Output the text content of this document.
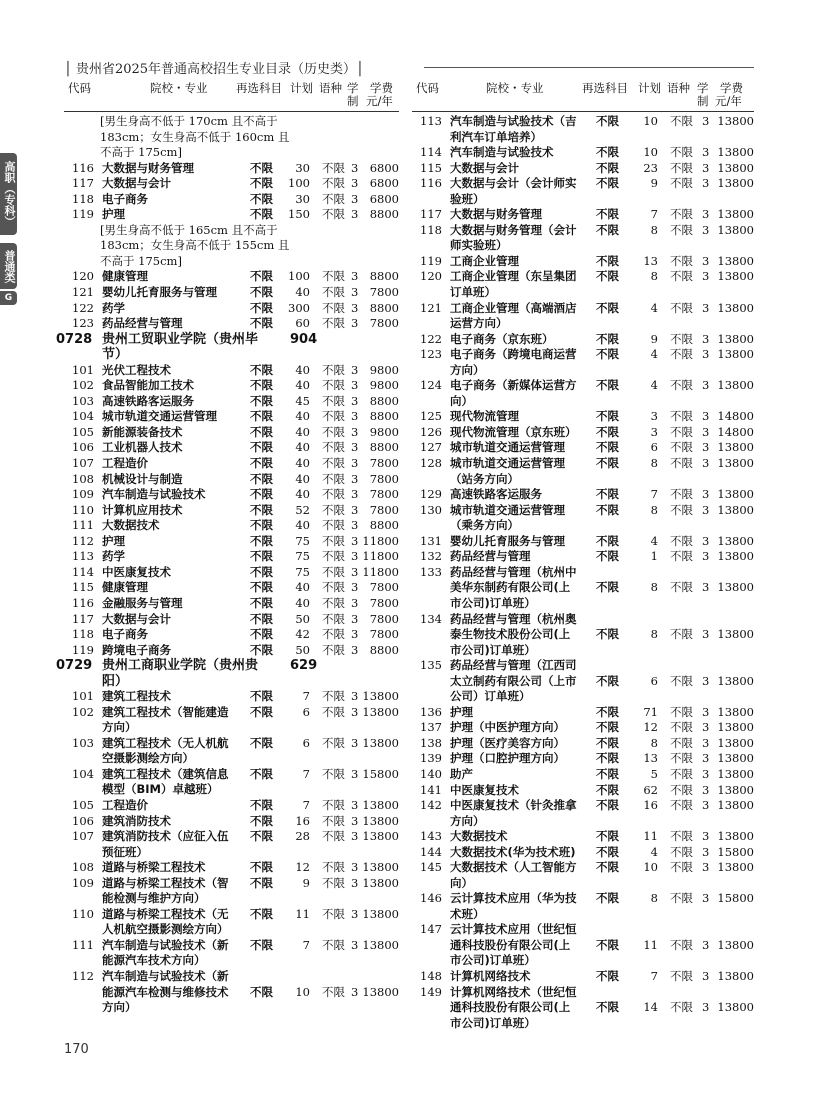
│ 贵州省2025年普通高校招生专业目录（历史类）│
代码	院校・专业 再选科目 计划 语种 学
制
学费
元/年
代码	院校・专业	再选科目 计划 语种 学
制
学费
元/年
高职（专科）
普通类
G
[男生身高不低于 170cm 且不高于
183cm；女生身高不低于 160cm 且
不高于 175cm]
116 大数据与财务管理	不限 30 不限 3 6800
117 大数据与会计	不限 100 不限 3 6800
118 电子商务	不限 30 不限 3 6800
119 护理	不限 150 不限 3 8800
[男生身高不低于 165cm 且不高于
183cm；女生身高不低于 155cm 且
不高于 175cm]
120 健康管理	不限 100 不限 3 8800
121 婴幼儿托育服务与管理	不限 40 不限 3 7800
122 药学	不限 300 不限 3 8800
123 药品经营与管理	不限 60 不限 3 7800
0728 贵州工贸职业学院（贵州毕
节）
904
101 光伏工程技术	不限 40 不限 3 9800
102 食品智能加工技术	不限 40 不限 3 9800
103 高速铁路客运服务	不限 45 不限 3 8800
104 城市轨道交通运营管理	不限 40 不限 3 8800
105 新能源装备技术	不限 40 不限 3 9800
106 工业机器人技术	不限 40 不限 3 8800
107 工程造价	不限 40 不限 3 7800
108 机械设计与制造	不限 40 不限 3 7800
109 汽车制造与试验技术	不限 40 不限 3 7800
110 计算机应用技术	不限 52 不限 3 7800
111 大数据技术	不限 40 不限 3 8800
112 护理	不限 75 不限 3 11800
113 药学	不限 75 不限 3 11800
114 中医康复技术	不限 75 不限 3 11800
115 健康管理	不限 40 不限 3 7800
116 金融服务与管理	不限 40 不限 3 7800
117 大数据与会计	不限 50 不限 3 7800
118 电子商务	不限 42 不限 3 7800
119 跨境电子商务	不限 50 不限 3 8800
0729 贵州工商职业学院（贵州贵
阳）
629
101 建筑工程技术	不限	7 不限 3 13800
102 建筑工程技术（智能建造
方向）
不限	6 不限 3 13800
103 建筑工程技术（无人机航
空摄影测绘方向）
不限	6 不限 3 13800
104 建筑工程技术（建筑信息
模型（BIM）卓越班）
不限	7 不限 3 15800
105 工程造价	不限	7 不限 3 13800
106 建筑消防技术	不限 16 不限 3 13800
107 建筑消防技术（应征入伍
预征班）
不限 28 不限 3 13800
108 道路与桥梁工程技术	不限 12 不限 3 13800
109 道路与桥梁工程技术（智
能检测与维护方向）
不限	9 不限 3 13800
110 道路与桥梁工程技术（无
人机航空摄影测绘方向）
不限 11 不限 3 13800
111 汽车制造与试验技术（新
能源汽车技术方向）
不限	7 不限 3 13800
112 汽车制造与试验技术（新
能源汽车检测与维修技术
方向）
不限 10 不限 3 13800
113 汽车制造与试验技术（吉
利汽车订单培养）
不限 10 不限 3 13800
114 汽车制造与试验技术	不限 10 不限 3 13800
115 大数据与会计	不限 23 不限 3 13800
116 大数据与会计（会计师实
验班）
不限	9 不限 3 13800
117 大数据与财务管理	不限	7 不限 3 13800
118 大数据与财务管理（会计
师实验班）
不限	8 不限 3 13800
119 工商企业管理	不限 13 不限 3 13800
120 工商企业管理（东呈集团
订单班）
不限	8 不限 3 13800
121 工商企业管理（高端酒店
运营方向）
不限	4 不限 3 13800
122 电子商务（京东班）	不限	9 不限 3 13800
123 电子商务（跨境电商运营
方向）
不限	4 不限 3 13800
124 电子商务（新媒体运营方
向）
不限	4 不限 3 13800
125 现代物流管理	不限	3 不限 3 14800
126 现代物流管理（京东班） 不限	3 不限 3 14800
127 城市轨道交通运营管理	不限	6 不限 3 13800
128 城市轨道交通运营管理
（站务方向）
不限	8 不限 3 13800
129 高速铁路客运服务	不限	7 不限 3 13800
130 城市轨道交通运营管理
（乘务方向）
不限	8 不限 3 13800
131 婴幼儿托育服务与管理	不限	4 不限 3 13800
132 药品经营与管理	不限	1 不限 3 13800
133 药品经营与管理（杭州中
美华东制药有限公司(上
市公司)订单班）
不限	8 不限 3 13800
134 药品经营与管理（杭州奥
泰生物技术股份公司(上
市公司)订单班）
不限	8 不限 3 13800
135 药品经营与管理（江西司
太立制药有限公司（上市
公司）订单班）
不限	6 不限 3 13800
136 护理	不限 71 不限 3 13800
137 护理（中医护理方向）	不限 12 不限 3 13800
138 护理（医疗美容方向）	不限	8 不限 3 13800
139 护理（口腔护理方向）	不限 13 不限 3 13800
140 助产	不限	5 不限 3 13800
141 中医康复技术	不限 62 不限 3 13800
142 中医康复技术（针灸推拿
方向）
不限 16 不限 3 13800
143 大数据技术	不限 11 不限 3 13800
144 大数据技术(华为技术班) 不限	4 不限 3 15800
145 大数据技术（人工智能方
向）
不限 10 不限 3 13800
146 云计算技术应用（华为技
术班）
不限	8 不限 3 15800
147 云计算技术应用（世纪恒
通科技股份有限公司(上
市公司)订单班）
不限 11 不限 3 13800
148 计算机网络技术	不限	7 不限 3 13800
149 计算机网络技术（世纪恒
通科技股份有限公司(上
市公司)订单班）
不限 14 不限 3 13800
170
